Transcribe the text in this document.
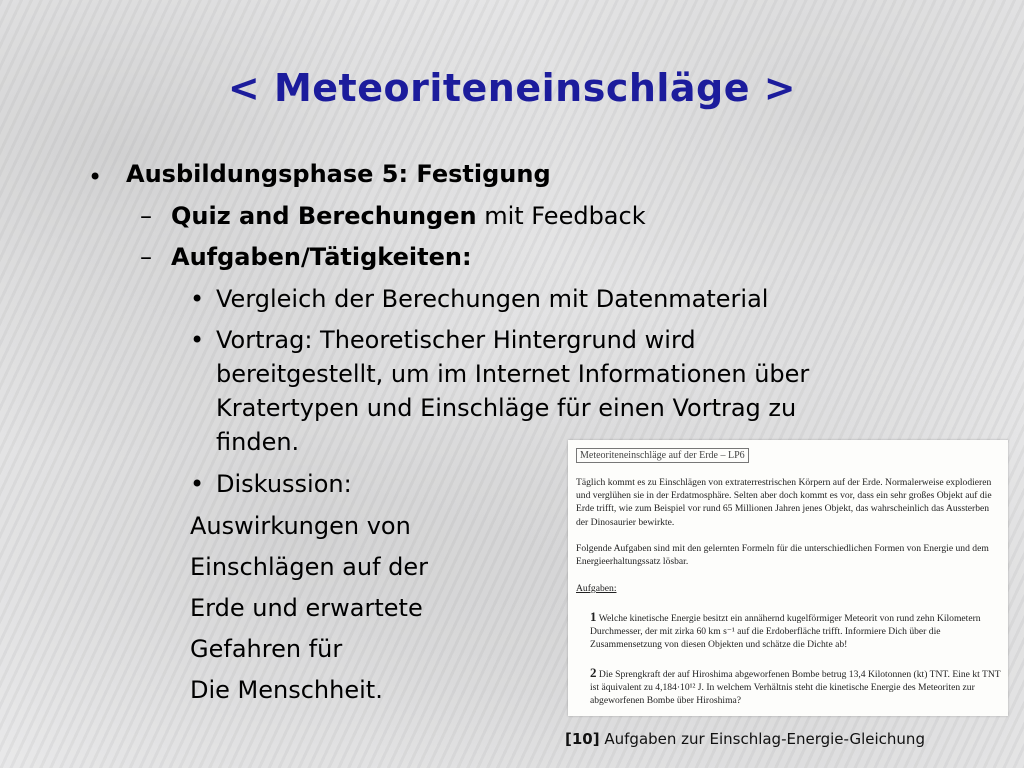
< Meteoriteneinschläge >
• Ausbildungsphase 5: Festigung
– Quiz and Berechungen mit Feedback
– Aufgaben/Tätigkeiten:
• Vergleich der Berechungen mit Datenmaterial
• Vortrag: Theoretischer Hintergrund wird
bereitgestellt, um im Internet Informationen über
Kratertypen und Einschläge für einen Vortrag zu
finden.
• Diskussion:
Auswirkungen von
Einschlägen auf der
Erde und erwartete
Gefahren für
Die Menschheit.
Meteoriteneinschläge auf der Erde – LP6
Täglich kommt es zu Einschlägen von extraterrestrischen Körpern auf der Erde. Normalerweise explodieren und verglühen sie in der Erdatmosphäre. Selten aber doch kommt es vor, dass ein sehr großes Objekt auf die Erde trifft, wie zum Beispiel vor rund 65 Millionen Jahren jenes Objekt, das wahrscheinlich das Aussterben der Dinosaurier bewirkte.
Folgende Aufgaben sind mit den gelernten Formeln für die unterschiedlichen Formen von Energie und dem Energieerhaltungssatz lösbar.
Aufgaben:
1 Welche kinetische Energie besitzt ein annähernd kugelförmiger Meteorit von rund zehn Kilometern Durchmesser, der mit zirka 60 km s⁻¹ auf die Erdoberfläche trifft. Informiere Dich über die Zusammensetzung von diesen Objekten und schätze die Dichte ab!
2 Die Sprengkraft der auf Hiroshima abgeworfenen Bombe betrug 13,4 Kilotonnen (kt) TNT. Eine kt TNT ist äquivalent zu 4,184·10¹² J. In welchem Verhältnis steht die kinetische Energie des Meteoriten zur abgeworfenen Bombe über Hiroshima?
[10] Aufgaben zur Einschlag-Energie-Gleichung
